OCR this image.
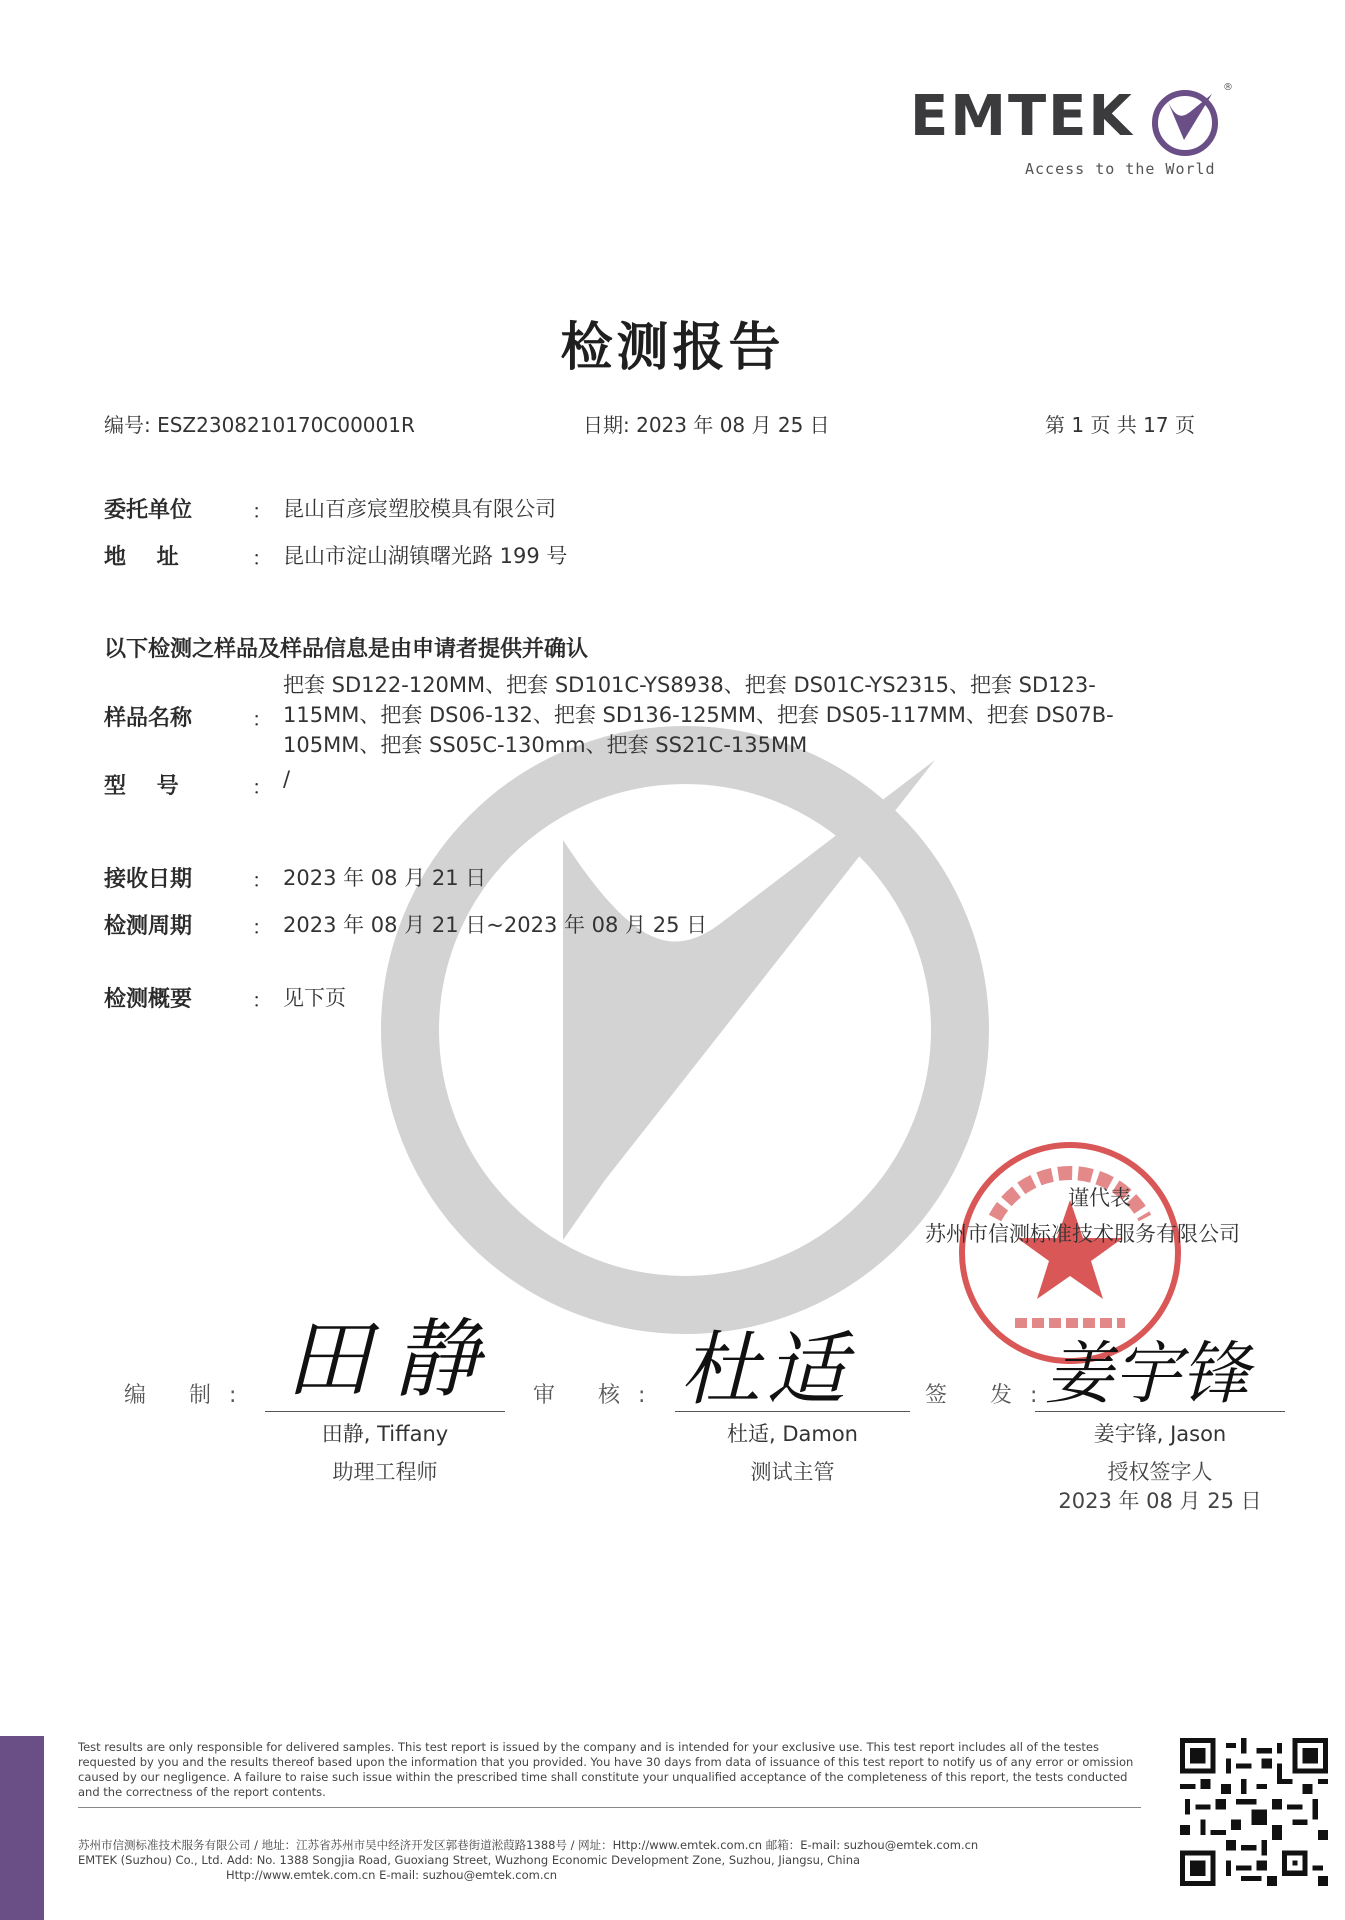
EMTEK	®
Access to the World
检测报告
编号: ESZ2308210170C00001R	日期: 2023 年 08 月 25 日	第 1 页 共 17 页
委托单位	： 昆山百彦宸塑胶模具有限公司
地    址	： 昆山市淀山湖镇曙光路 199 号
以下检测之样品及样品信息是由申请者提供并确认
样品名称	：
把套 SD122-120MM、把套 SD101C-YS8938、把套 DS01C-YS2315、把套 SD123-
115MM、把套 DS06-132、把套 SD136-125MM、把套 DS05-117MM、把套 DS07B-
105MM、把套 SS05C-130mm、把套 SS21C-135MM
型    号	： /
接收日期	： 2023 年 08 月 21 日
检测周期	： 2023 年 08 月 21 日~2023 年 08 月 25 日
检测概要	： 见下页
谨代表
苏州市信测标准技术服务有限公司
编 制: 田静
田静, Tiffany
助理工程师
审 核: 杜适
杜适, Damon
测试主管
签 发:
姜宇锋
姜宇锋, Jason
授权签字人
2023 年 08 月 25 日
Test results are only responsible for delivered samples. This test report is issued by the company and is intended for your exclusive use. This test report includes all of the testes requested by you and the results thereof based upon the information that you provided. You have 30 days from data of issuance of this test report to notify us of any error or omission caused by our negligence. A failure to raise such issue within the prescribed time shall constitute your unqualified acceptance of the completeness of this report, the tests conducted and the correctness of the report contents.
苏州市信测标准技术服务有限公司 / 地址：江苏省苏州市吴中经济开发区郭巷街道淞葭路1388号 / 网址：Http://www.emtek.com.cn 邮箱：E-mail: suzhou@emtek.com.cn
EMTEK (Suzhou) Co., Ltd. Add: No. 1388 Songjia Road, Guoxiang Street, Wuzhong Economic Development Zone, Suzhou, Jiangsu, China
Http://www.emtek.com.cn E-mail: suzhou@emtek.com.cn
